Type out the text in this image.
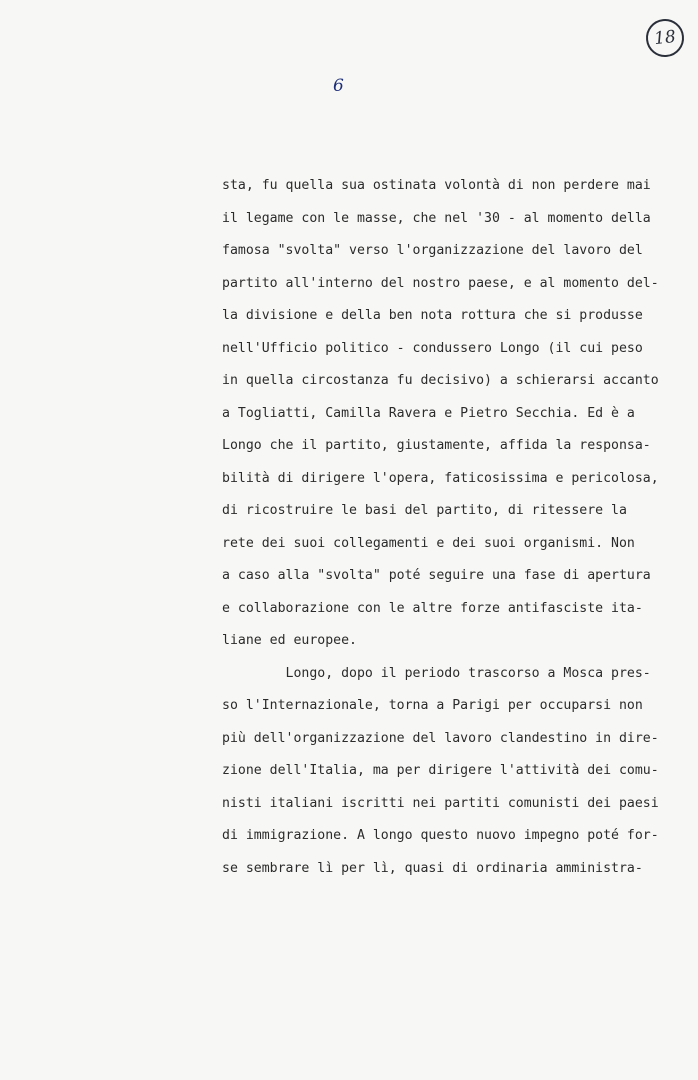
18
6
sta, fu quella sua ostinata volontà di non perdere mai
il legame con le masse, che nel '30 - al momento della
famosa "svolta" verso l'organizzazione del lavoro del
partito all'interno del nostro paese, e al momento del-
la divisione e della ben nota rottura che si produsse
nell'Ufficio politico - condussero Longo (il cui peso
in quella circostanza fu decisivo) a schierarsi accanto
a Togliatti, Camilla Ravera e Pietro Secchia. Ed è a
Longo che il partito, giustamente, affida la responsa-
bilità di dirigere l'opera, faticosissima e pericolosa,
di ricostruire le basi del partito, di ritessere la
rete dei suoi collegamenti e dei suoi organismi. Non
a caso alla "svolta" poté seguire una fase di apertura
e collaborazione con le altre forze antifasciste ita-
liane ed europee.
Longo, dopo il periodo trascorso a Mosca pres-
so l'Internazionale, torna a Parigi per occuparsi non
più dell'organizzazione del lavoro clandestino in dire-
zione dell'Italia, ma per dirigere l'attività dei comu-
nisti italiani iscritti nei partiti comunisti dei paesi
di immigrazione. A longo questo nuovo impegno poté for-
se sembrare lì per lì, quasi di ordinaria amministra-
